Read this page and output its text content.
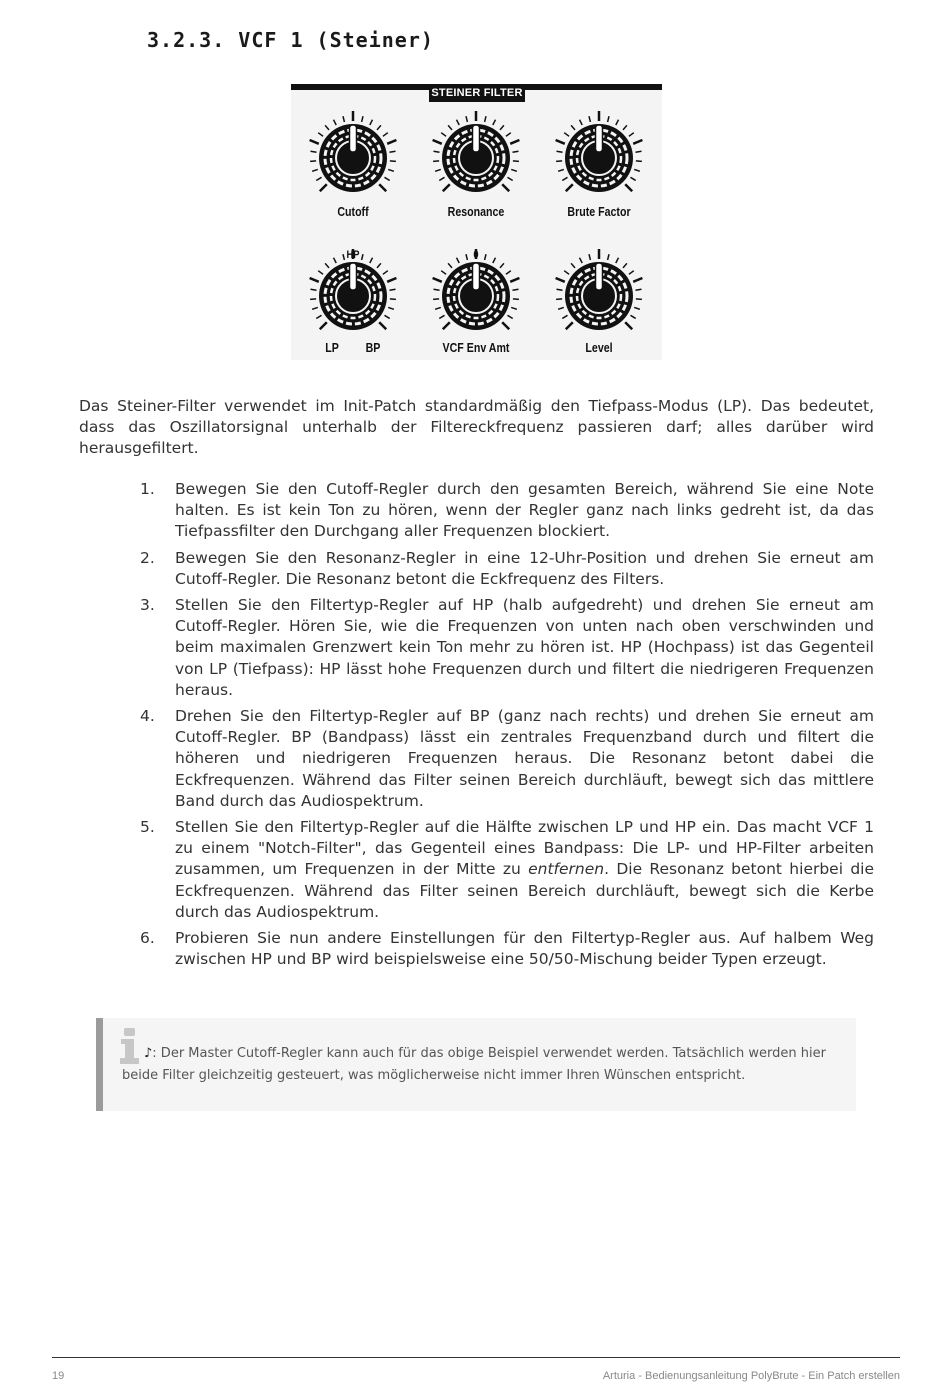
3.2.3. VCF 1 (Steiner)
STEINER FILTER
Cutoff	Resonance	Brute Factor
HP	0
LP BP	VCF Env Amt	Level

Das Steiner-Filter verwendet im Init-Patch standardmäßig den Tiefpass-Modus (LP). Das bedeutet, dass das Oszillatorsignal unterhalb der Filtereckfrequenz passieren darf; alles darüber wird herausgefiltert.

1. Bewegen Sie den Cutoff-Regler durch den gesamten Bereich, während Sie eine Note halten. Es ist kein Ton zu hören, wenn der Regler ganz nach links gedreht ist, da das Tiefpassfilter den Durchgang aller Frequenzen blockiert.
2. Bewegen Sie den Resonanz-Regler in eine 12-Uhr-Position und drehen Sie erneut am Cutoff-Regler. Die Resonanz betont die Eckfrequenz des Filters.
3. Stellen Sie den Filtertyp-Regler auf HP (halb aufgedreht) und drehen Sie erneut am Cutoff-Regler. Hören Sie, wie die Frequenzen von unten nach oben verschwinden und beim maximalen Grenzwert kein Ton mehr zu hören ist. HP (Hochpass) ist das Gegenteil von LP (Tiefpass): HP lässt hohe Frequenzen durch und filtert die niedrigeren Frequenzen heraus.
4. Drehen Sie den Filtertyp-Regler auf BP (ganz nach rechts) und drehen Sie erneut am Cutoff-Regler. BP (Bandpass) lässt ein zentrales Frequenzband durch und filtert die höheren und niedrigeren Frequenzen heraus. Die Resonanz betont dabei die Eckfrequenzen. Während das Filter seinen Bereich durchläuft, bewegt sich das mittlere Band durch das Audiospektrum.
5. Stellen Sie den Filtertyp-Regler auf die Hälfte zwischen LP und HP ein. Das macht VCF 1 zu einem "Notch-Filter", das Gegenteil eines Bandpass: Die LP- und HP-Filter arbeiten zusammen, um Frequenzen in der Mitte zu entfernen. Die Resonanz betont hierbei die Eckfrequenzen. Während das Filter seinen Bereich durchläuft, bewegt sich die Kerbe durch das Audiospektrum.
6. Probieren Sie nun andere Einstellungen für den Filtertyp-Regler aus. Auf halbem Weg zwischen HP und BP wird beispielsweise eine 50/50-Mischung beider Typen erzeugt.

♪: Der Master Cutoff-Regler kann auch für das obige Beispiel verwendet werden. Tatsächlich werden hier beide Filter gleichzeitig gesteuert, was möglicherweise nicht immer Ihren Wünschen entspricht.

19	Arturia - Bedienungsanleitung PolyBrute - Ein Patch erstellen
